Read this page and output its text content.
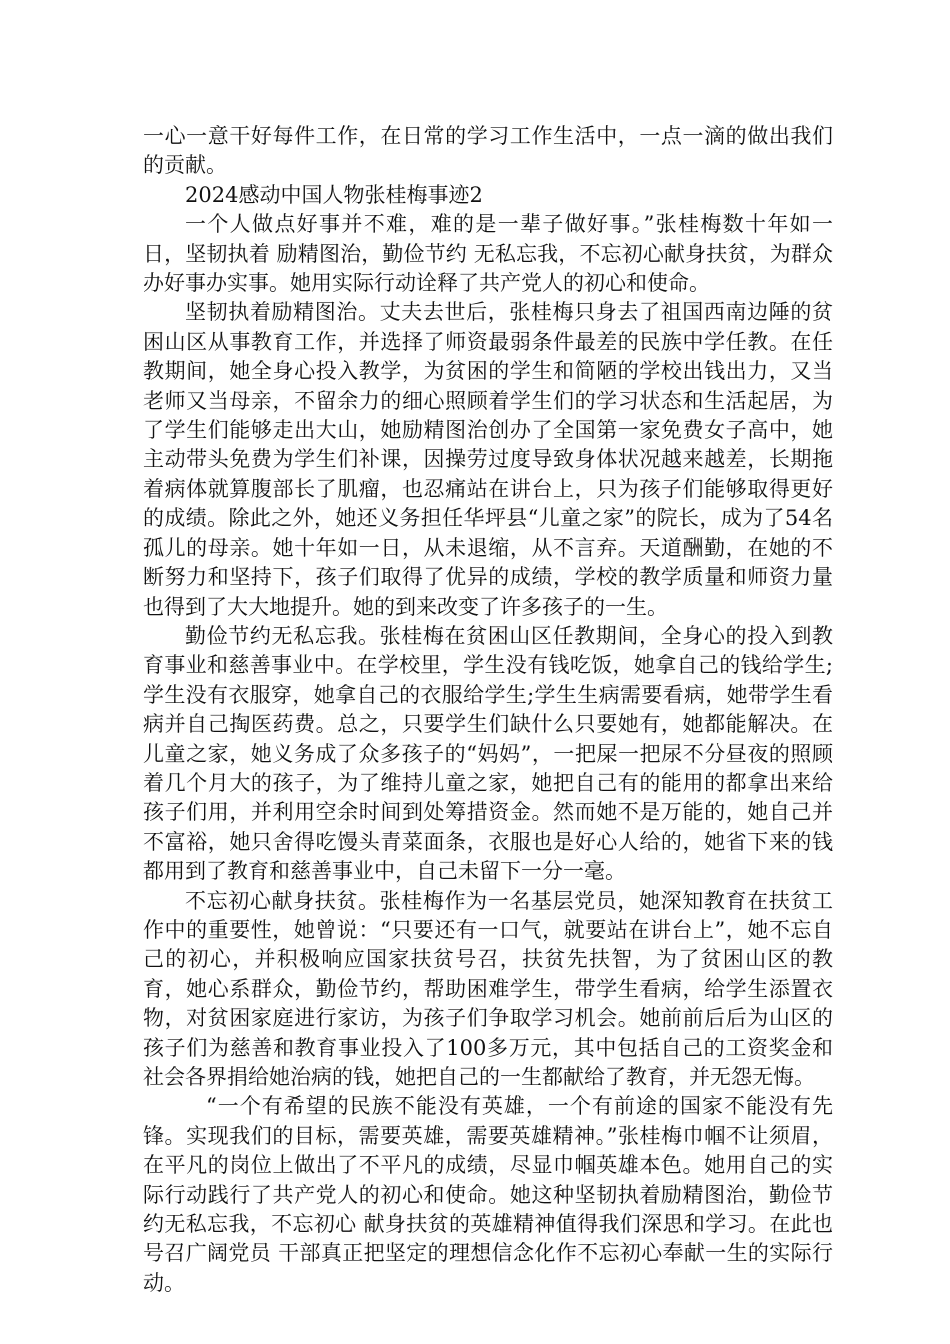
一心一意干好每件工作，在日常的学习工作生活中，一点一滴的做出我们的贡献。

2024感动中国人物张桂梅事迹2

一个人做点好事并不难，难的是一辈子做好事。”张桂梅数十年如一日，坚韧执着 励精图治，勤俭节约 无私忘我，不忘初心献身扶贫，为群众办好事办实事。她用实际行动诠释了共产党人的初心和使命。

坚韧执着励精图治。丈夫去世后，张桂梅只身去了祖国西南边陲的贫困山区从事教育工作，并选择了师资最弱条件最差的民族中学任教。在任教期间，她全身心投入教学，为贫困的学生和简陋的学校出钱出力，又当老师又当母亲，不留余力的细心照顾着学生们的学习状态和生活起居，为了学生们能够走出大山，她励精图治创办了全国第一家免费女子高中，她主动带头免费为学生们补课，因操劳过度导致身体状况越来越差，长期拖着病体就算腹部长了肌瘤，也忍痛站在讲台上，只为孩子们能够取得更好的成绩。除此之外，她还义务担任华坪县“儿童之家”的院长，成为了54名孤儿的母亲。她十年如一日，从未退缩，从不言弃。天道酬勤，在她的不断努力和坚持下，孩子们取得了优异的成绩，学校的教学质量和师资力量也得到了大大地提升。她的到来改变了许多孩子的一生。

勤俭节约无私忘我。张桂梅在贫困山区任教期间，全身心的投入到教育事业和慈善事业中。在学校里，学生没有钱吃饭，她拿自己的钱给学生;学生没有衣服穿，她拿自己的衣服给学生;学生生病需要看病，她带学生看病并自己掏医药费。总之，只要学生们缺什么只要她有，她都能解决。在儿童之家，她义务成了众多孩子的“妈妈”，一把屎一把尿不分昼夜的照顾着几个月大的孩子，为了维持儿童之家，她把自己有的能用的都拿出来给孩子们用，并利用空余时间到处筹措资金。然而她不是万能的，她自己并不富裕，她只舍得吃馒头青菜面条，衣服也是好心人给的，她省下来的钱都用到了教育和慈善事业中，自己未留下一分一毫。

不忘初心献身扶贫。张桂梅作为一名基层党员，她深知教育在扶贫工作中的重要性，她曾说：“只要还有一口气，就要站在讲台上”，她不忘自己的初心，并积极响应国家扶贫号召，扶贫先扶智，为了贫困山区的教育，她心系群众，勤俭节约，帮助困难学生，带学生看病，给学生添置衣物，对贫困家庭进行家访，为孩子们争取学习机会。她前前后后为山区的孩子们为慈善和教育事业投入了100多万元，其中包括自己的工资奖金和社会各界捐给她治病的钱，她把自己的一生都献给了教育，并无怨无悔。

“一个有希望的民族不能没有英雄，一个有前途的国家不能没有先锋。实现我们的目标，需要英雄，需要英雄精神。”张桂梅巾帼不让须眉，在平凡的岗位上做出了不平凡的成绩，尽显巾帼英雄本色。她用自己的实际行动践行了共产党人的初心和使命。她这种坚韧执着励精图治，勤俭节约无私忘我，不忘初心 献身扶贫的英雄精神值得我们深思和学习。在此也号召广阔党员 干部真正把坚定的理想信念化作不忘初心奉献一生的实际行动。
